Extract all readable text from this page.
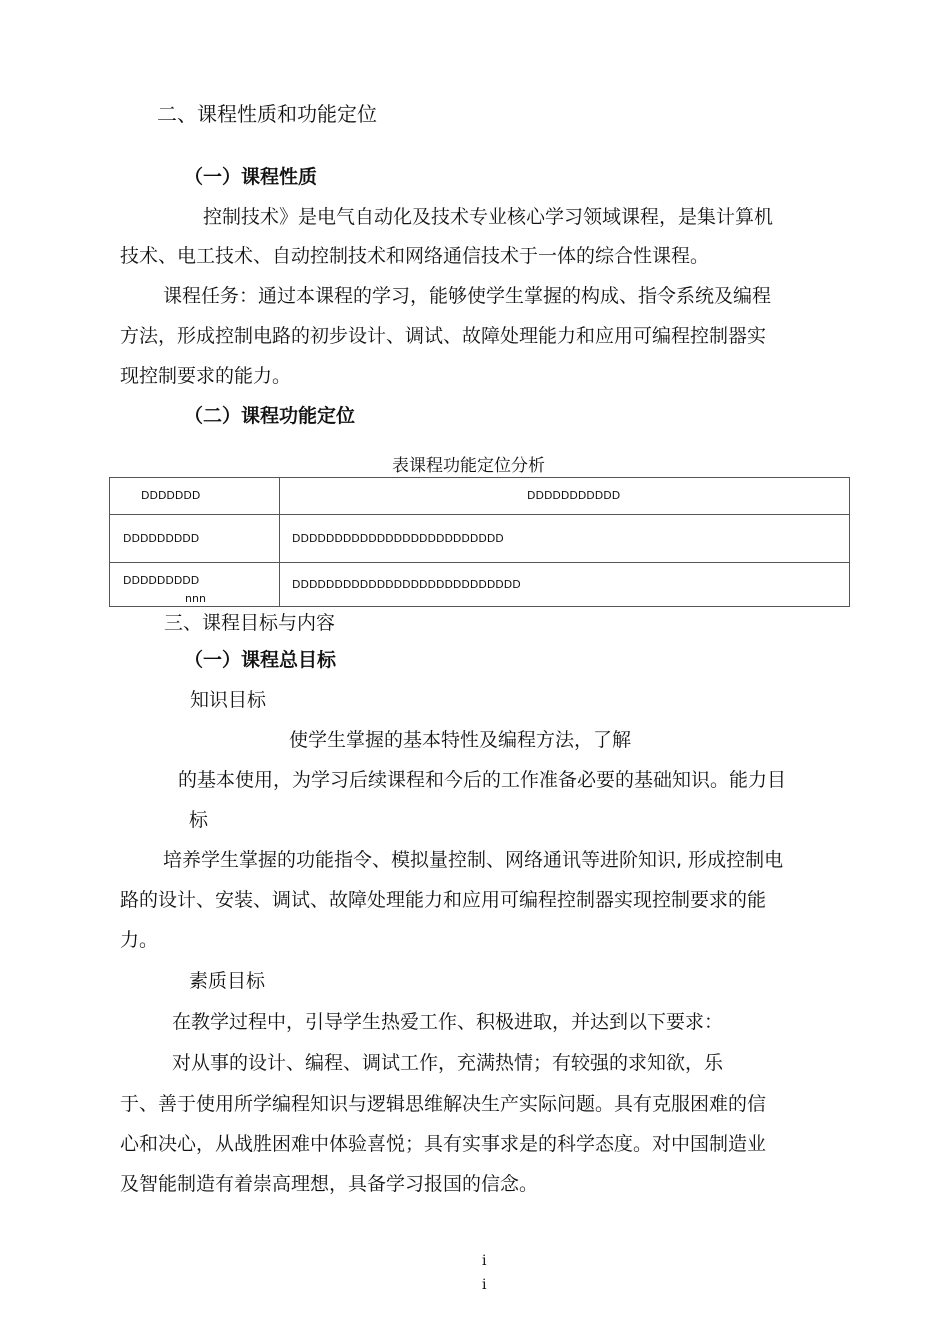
二、课程性质和功能定位
（一）课程性质
控制技术》是电气自动化及技术专业核心学习领域课程，是集计算机
技术、电工技术、自动控制技术和网络通信技术于一体的综合性课程。
课程任务：通过本课程的学习，能够使学生掌握的构成、指令系统及编程
方法，形成控制电路的初步设计、调试、故障处理能力和应用可编程控制器实
现控制要求的能力。
（二）课程功能定位
表课程功能定位分析
DDDDDDD	DDDDDDDDDDD
DDDDDDDDD	DDDDDDDDDDDDDDDDDDDDDDDDD
DDDDDDDDD
nnn
DDDDDDDDDDDDDDDDDDDDDDDDDDD
三、课程目标与内容
（一）课程总目标
知识目标
使学生掌握的基本特性及编程方法，了解
的基本使用，为学习后续课程和今后的工作准备必要的基础知识。能力目
标
培养学生掌握的功能指令、模拟量控制、网络通讯等进阶知识, 形成控制电
路的设计、安装、调试、故障处理能力和应用可编程控制器实现控制要求的能
力。
素质目标
在教学过程中，引导学生热爱工作、积极进取，并达到以下要求：
对从事的设计、编程、调试工作，充满热情；有较强的求知欲，乐
于、善于使用所学编程知识与逻辑思维解决生产实际问题。具有克服困难的信
心和决心，从战胜困难中体验喜悦；具有实事求是的科学态度。对中国制造业
及智能制造有着崇高理想，具备学习报国的信念。
i
i
